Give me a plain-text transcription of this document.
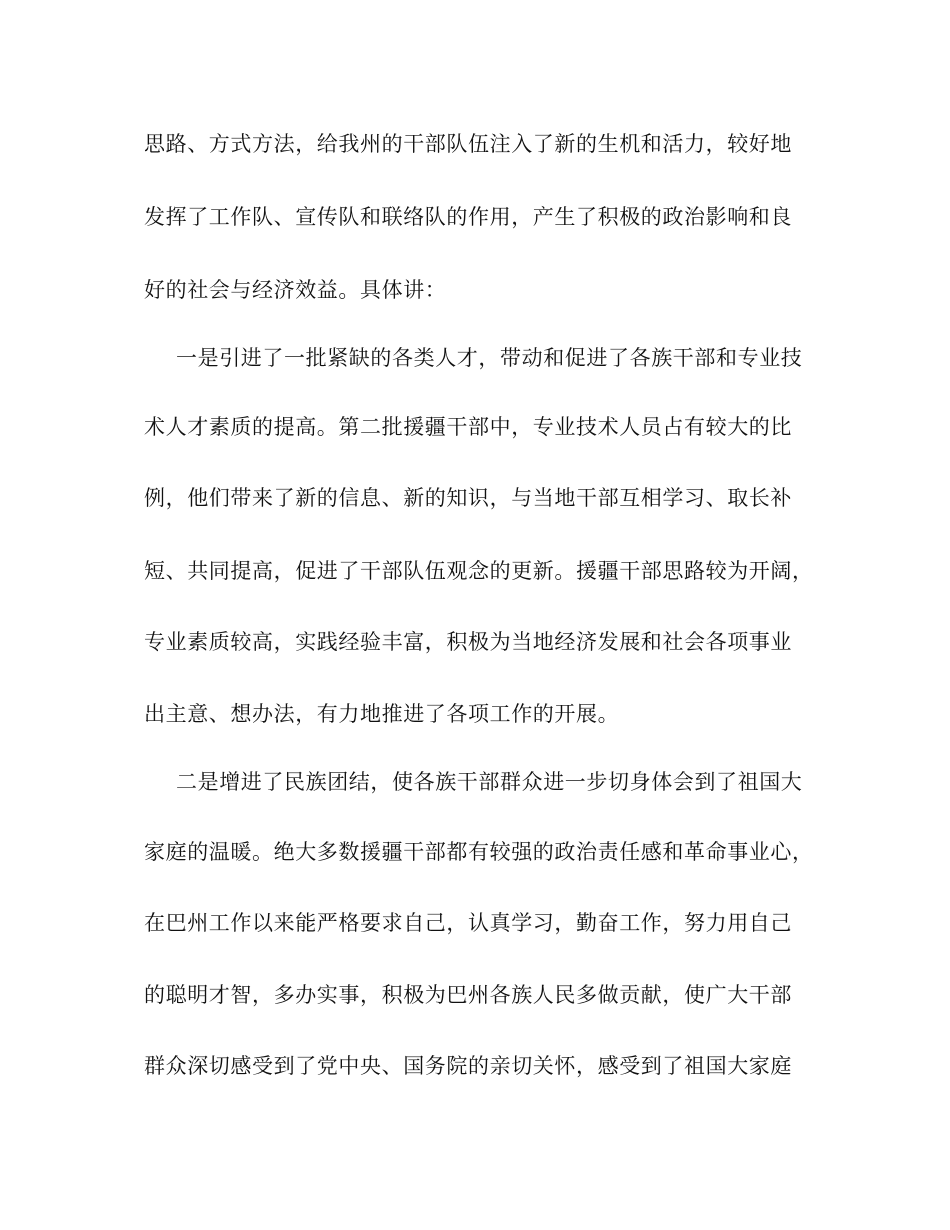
思路、方式方法，给我州的干部队伍注入了新的生机和活力，较好地

发挥了工作队、宣传队和联络队的作用，产生了积极的政治影响和良

好的社会与经济效益。具体讲：

一是引进了一批紧缺的各类人才，带动和促进了各族干部和专业技

术人才素质的提高。第二批援疆干部中，专业技术人员占有较大的比

例，他们带来了新的信息、新的知识，与当地干部互相学习、取长补

短、共同提高，促进了干部队伍观念的更新。援疆干部思路较为开阔，

专业素质较高，实践经验丰富，积极为当地经济发展和社会各项事业

出主意、想办法，有力地推进了各项工作的开展。

二是增进了民族团结，使各族干部群众进一步切身体会到了祖国大

家庭的温暖。绝大多数援疆干部都有较强的政治责任感和革命事业心，

在巴州工作以来能严格要求自己，认真学习，勤奋工作，努力用自己

的聪明才智，多办实事，积极为巴州各族人民多做贡献，使广大干部

群众深切感受到了党中央、国务院的亲切关怀，感受到了祖国大家庭
